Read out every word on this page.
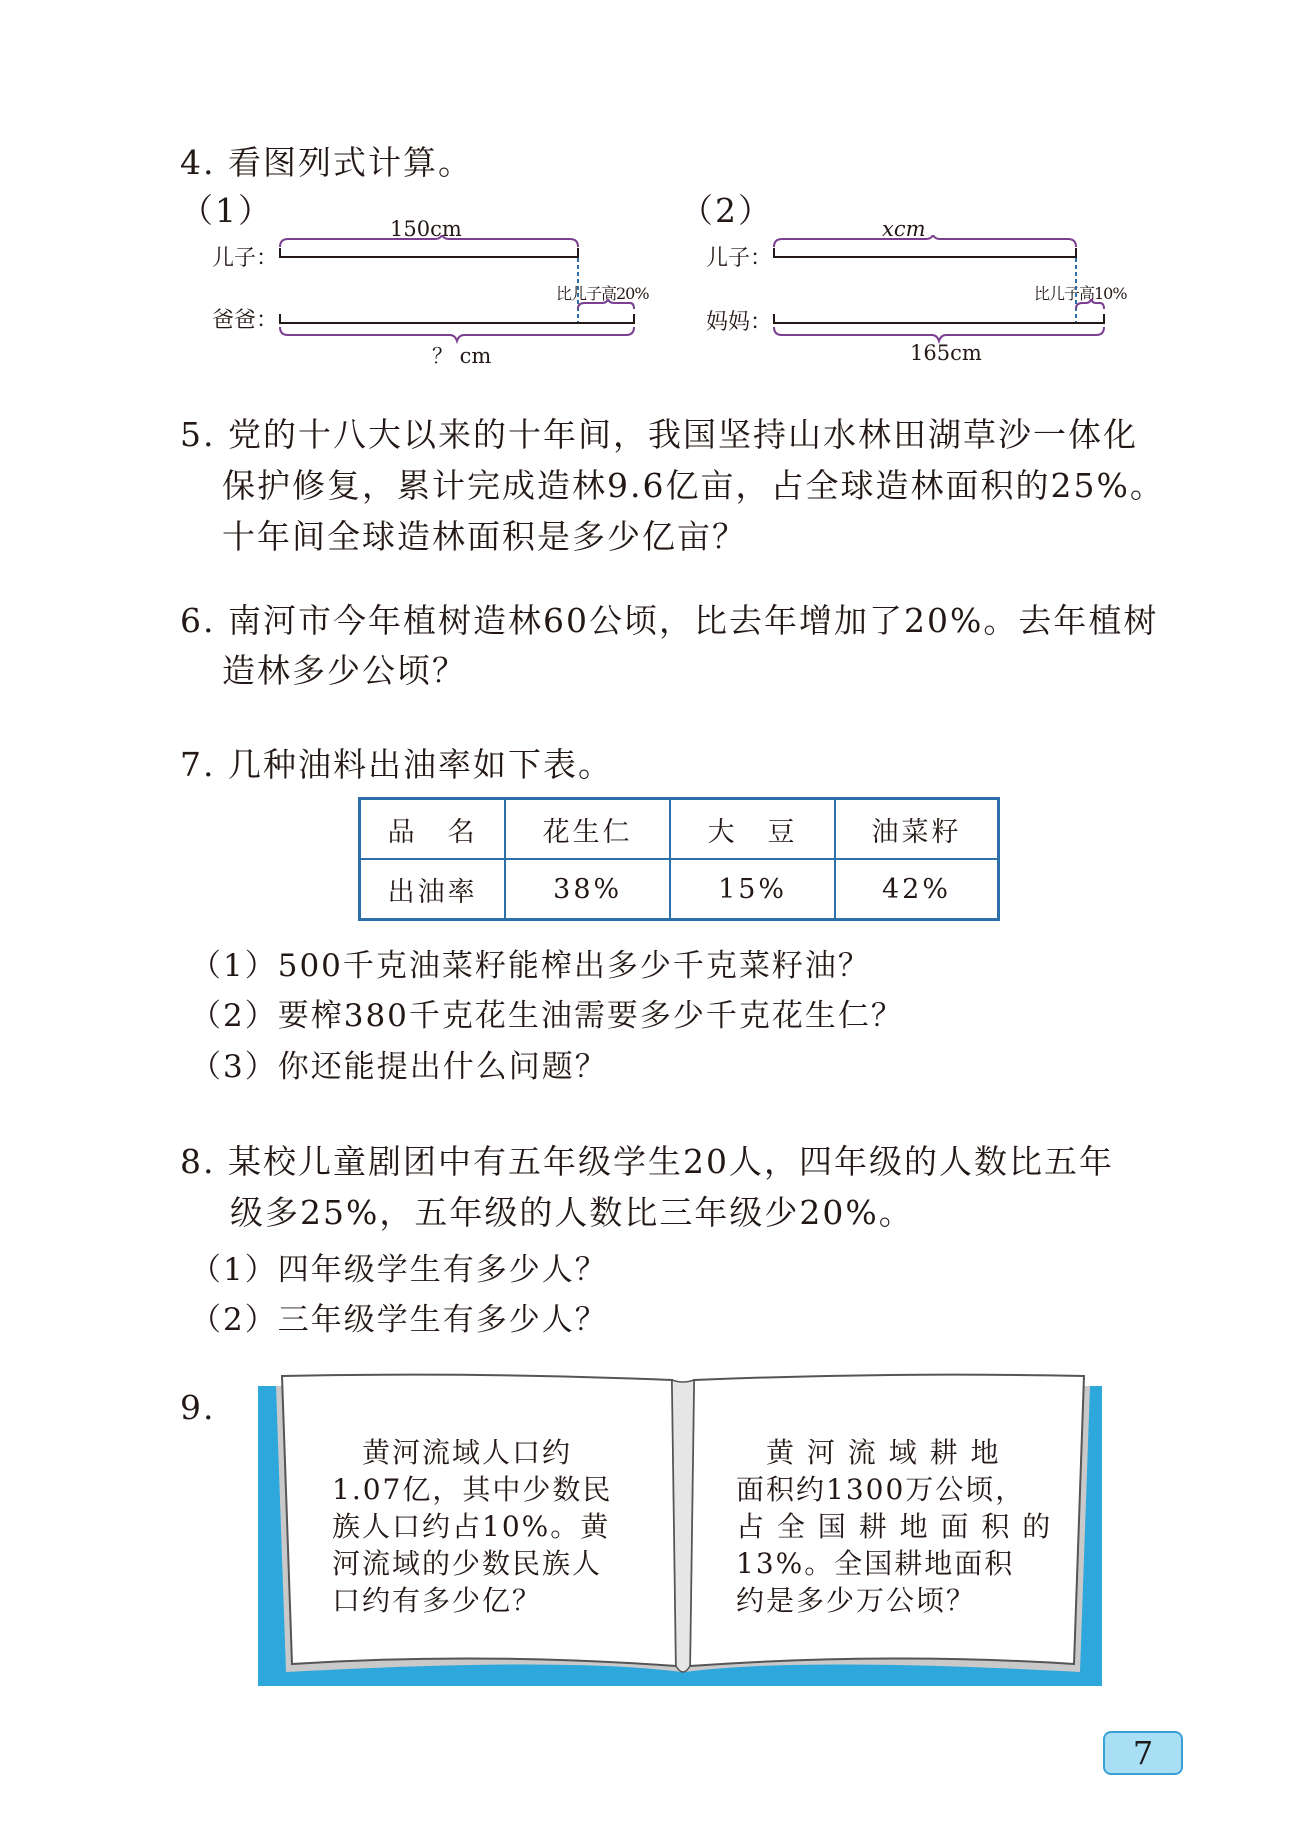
4. 看图列式计算。
（1）	（2）
儿子：
爸爸：
150cm
比儿子高20%
？ cm
儿子：
妈妈：
xcm
比儿子高10%
165cm
5. 党的十八大以来的十年间，我国坚持山水林田湖草沙一体化
保护修复，累计完成造林9.6亿亩，占全球造林面积的25%。
十年间全球造林面积是多少亿亩？
6. 南河市今年植树造林60公顷，比去年增加了20%。去年植树
造林多少公顷？
7. 几种油料出油率如下表。
品　名	花生仁	大　豆	油菜籽
出油率	38%	15%	42%
（1）500千克油菜籽能榨出多少千克菜籽油？
（2）要榨380千克花生油需要多少千克花生仁？
（3）你还能提出什么问题？
8. 某校儿童剧团中有五年级学生20人，四年级的人数比五年
级多25%，五年级的人数比三年级少20%。
（1）四年级学生有多少人？
（2）三年级学生有多少人？
9.
　黄河流域人口约
1.07亿，其中少数民
族人口约占10%。黄
河流域的少数民族人
口约有多少亿？
　黄 河 流 域 耕 地
面积约1300万公顷，
占 全 国 耕 地 面 积 的
13%。全国耕地面积
约是多少万公顷？
7
